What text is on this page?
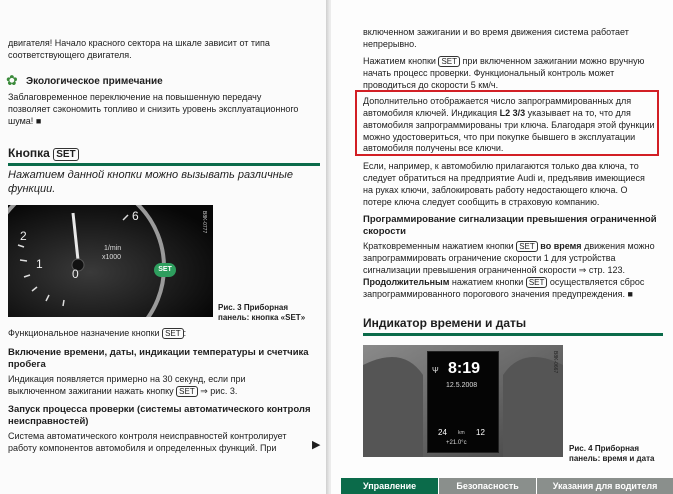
двигателя! Начало красного сектора на шкале зависит от типа

соответствующего двигателя.

✿ Экологическое примечание

Заблаговременное переключение на повышенную передачу

позволяет сэкономить топливо и снизить уровень эксплуатационного

шума! ■

Кнопка SET

Нажатием данной кнопки можно вызывать различные

функции.

2
1
0
6
1/min
x1000
SET
B8K-0777

Рис. 3 Приборная

панель: кнопка «SET»

Функциональное назначение кнопки SET :

Включение времени, даты, индикации температуры и счетчика

пробега

Индикация появляется примерно на 30 секунд, если при

выключенном зажигании нажать кнопку SET ⇒ рис. 3.

Запуск процесса проверки (системы автоматического контроля

неисправностей)

Система автоматического контроля неисправностей контролирует

работу компонентов автомобиля и определенных функций. При	▶

включенном зажигании и во время движения система работает

непрерывно.

Нажатием кнопки SET при включенном зажигании можно вручную

начать процесс проверки. Функциональный контроль может

проводиться до скорости 5 км/ч.

Дополнительно отображается число запрограммированных для

автомобиля ключей. Индикация L2 3/3 указывает на то, что для

автомобиля запрограммированы три ключа. Благодаря этой функции

можно удостовериться, что при покупке бывшего в эксплуатации

автомобиля получены все ключи.

Если, например, к автомобилю прилагаются только два ключа, то

следует обратиться на предприятие Audi и, предъявив имеющиеся

на руках ключи, заблокировать работу недостающего ключа. О

потере ключа следует сообщить в страховую компанию.

Программирование сигнализации превышения ограниченной

скорости

Кратковременным нажатием кнопки SET во время движения можно

запрограммировать ограничение скорости 1 для устройства

сигнализации превышения ограниченной скорости ⇒ стр. 123.

Продолжительным нажатием кнопки SET осуществляется сброс

запрограммированного порогового значения предупреждения. ■

Индикатор времени и даты
Ψ 8:19
12.5.2008
24 km 12
+21.0°c
B8K-0667

Рис. 4 Приборная

панель: время и дата

Управление	Безопасность	Указания для водителя
